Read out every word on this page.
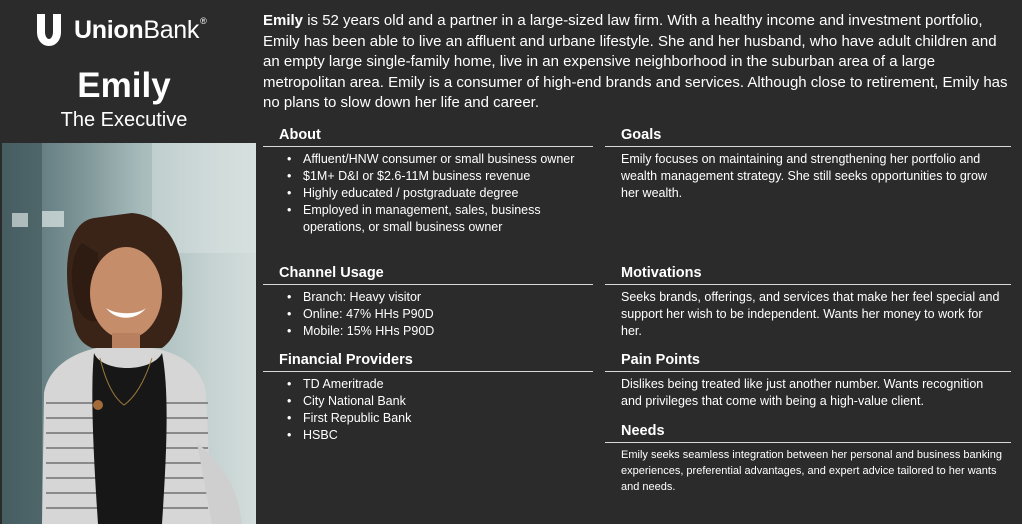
UnionBank®
Emily
The Executive
Emily is 52 years old and a partner in a large-sized law firm. With a healthy income and investment portfolio, Emily has been able to live an affluent and urbane lifestyle. She and her husband, who have adult children and an empty large single-family home, live in an expensive neighborhood in the suburban area of a large metropolitan area. Emily is a consumer of high-end brands and services. Although close to retirement, Emily has no plans to slow down her life and career.
About
• Affluent/HNW consumer or small business owner
• $1M+ D&I or $2.6-11M business revenue
• Highly educated / postgraduate degree
• Employed in management, sales, business operations, or small business owner
Channel Usage
• Branch: Heavy visitor
• Online: 47% HHs P90D
• Mobile: 15% HHs P90D
Financial Providers
• TD Ameritrade
• City National Bank
• First Republic Bank
• HSBC
Goals

Emily focuses on maintaining and strengthening her portfolio and wealth management strategy. She still seeks opportunities to grow her wealth.

Motivations

Seeks brands, offerings, and services that make her feel special and support her wish to be independent. Wants her money to work for her.

Pain Points

Dislikes being treated like just another number. Wants recognition and privileges that come with being a high-value client.

Needs

Emily seeks seamless integration between her personal and business banking experiences, preferential advantages, and expert advice tailored to her wants and needs.
